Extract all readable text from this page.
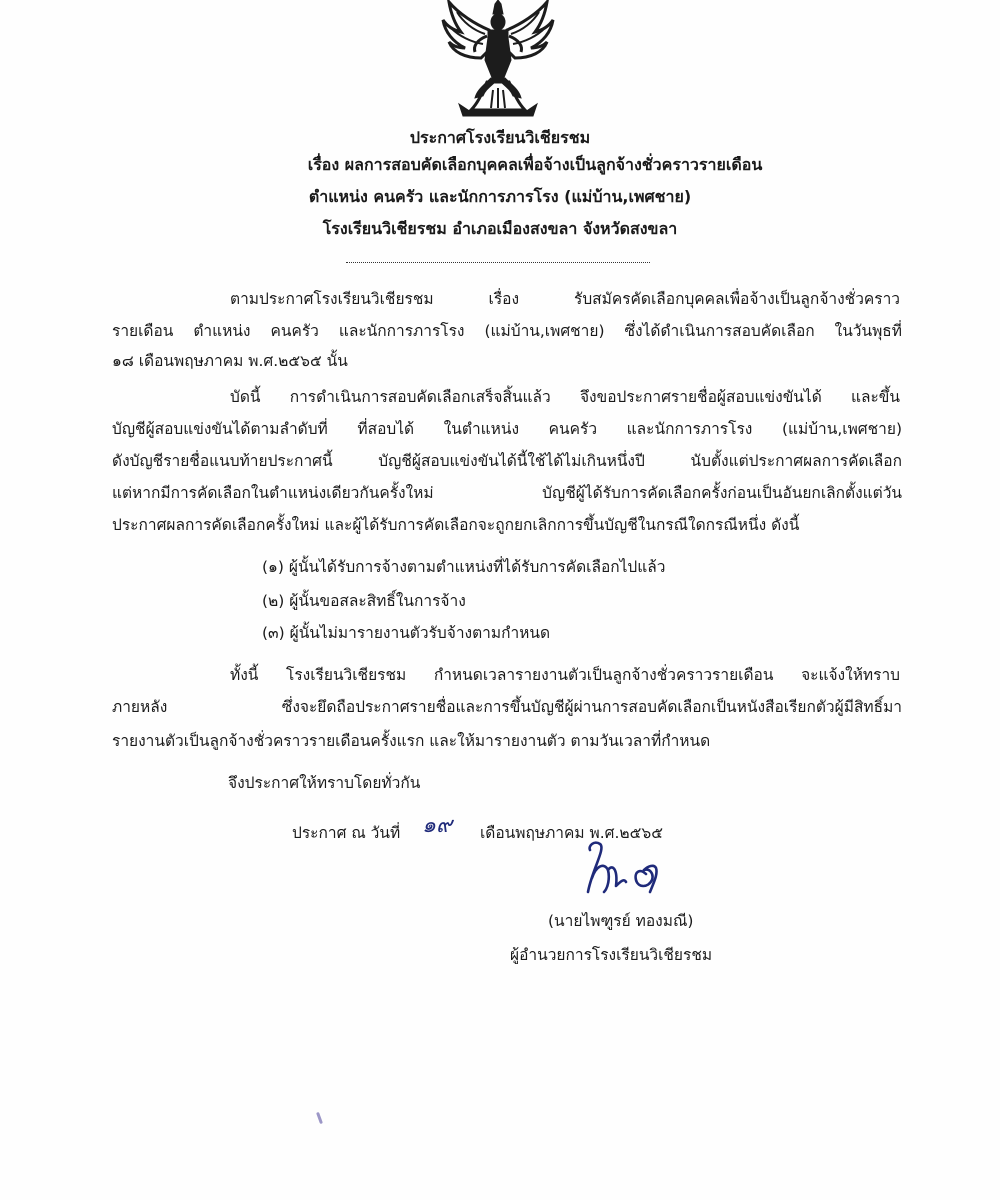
ประกาศโรงเรียนวิเชียรชม
เรื่อง ผลการสอบคัดเลือกบุคคลเพื่อจ้างเป็นลูกจ้างชั่วคราวรายเดือน
ตำแหน่ง คนครัว และนักการภารโรง (แม่บ้าน,เพศชาย)
โรงเรียนวิเชียรชม อำเภอเมืองสงขลา จังหวัดสงขลา
ตามประกาศโรงเรียนวิเชียรชม เรื่อง รับสมัครคัดเลือกบุคคลเพื่อจ้างเป็นลูกจ้างชั่วคราว
รายเดือน ตำแหน่ง คนครัว และนักการภารโรง (แม่บ้าน,เพศชาย) ซึ่งได้ดำเนินการสอบคัดเลือก ในวันพุธที่
๑๘ เดือนพฤษภาคม พ.ศ.๒๕๖๕ นั้น
บัดนี้ การดำเนินการสอบคัดเลือกเสร็จสิ้นแล้ว จึงขอประกาศรายชื่อผู้สอบแข่งขันได้ และขึ้น
บัญชีผู้สอบแข่งขันได้ตามลำดับที่ ที่สอบได้ ในตำแหน่ง คนครัว และนักการภารโรง (แม่บ้าน,เพศชาย)
ดังบัญชีรายชื่อแนบท้ายประกาศนี้ บัญชีผู้สอบแข่งขันได้นี้ใช้ได้ไม่เกินหนึ่งปี นับตั้งแต่ประกาศผลการคัดเลือก
แต่หากมีการคัดเลือกในตำแหน่งเดียวกันครั้งใหม่ บัญชีผู้ได้รับการคัดเลือกครั้งก่อนเป็นอันยกเลิกตั้งแต่วัน
ประกาศผลการคัดเลือกครั้งใหม่ และผู้ได้รับการคัดเลือกจะถูกยกเลิกการขึ้นบัญชีในกรณีใดกรณีหนึ่ง ดังนี้
(๑) ผู้นั้นได้รับการจ้างตามตำแหน่งที่ได้รับการคัดเลือกไปแล้ว
(๒) ผู้นั้นขอสละสิทธิ์ในการจ้าง
(๓) ผู้นั้นไม่มารายงานตัวรับจ้างตามกำหนด
ทั้งนี้ โรงเรียนวิเชียรชม กำหนดเวลารายงานตัวเป็นลูกจ้างชั่วคราวรายเดือน จะแจ้งให้ทราบ
ภายหลัง ซึ่งจะยึดถือประกาศรายชื่อและการขึ้นบัญชีผู้ผ่านการสอบคัดเลือกเป็นหนังสือเรียกตัวผู้มีสิทธิ์มา
รายงานตัวเป็นลูกจ้างชั่วคราวรายเดือนครั้งแรก และให้มารายงานตัว ตามวันเวลาที่กำหนด
จึงประกาศให้ทราบโดยทั่วกัน
ประกาศ ณ วันที่ ๑๙ เดือนพฤษภาคม พ.ศ.๒๕๖๕
(นายไพฑูรย์ ทองมณี)
ผู้อำนวยการโรงเรียนวิเชียรชม
